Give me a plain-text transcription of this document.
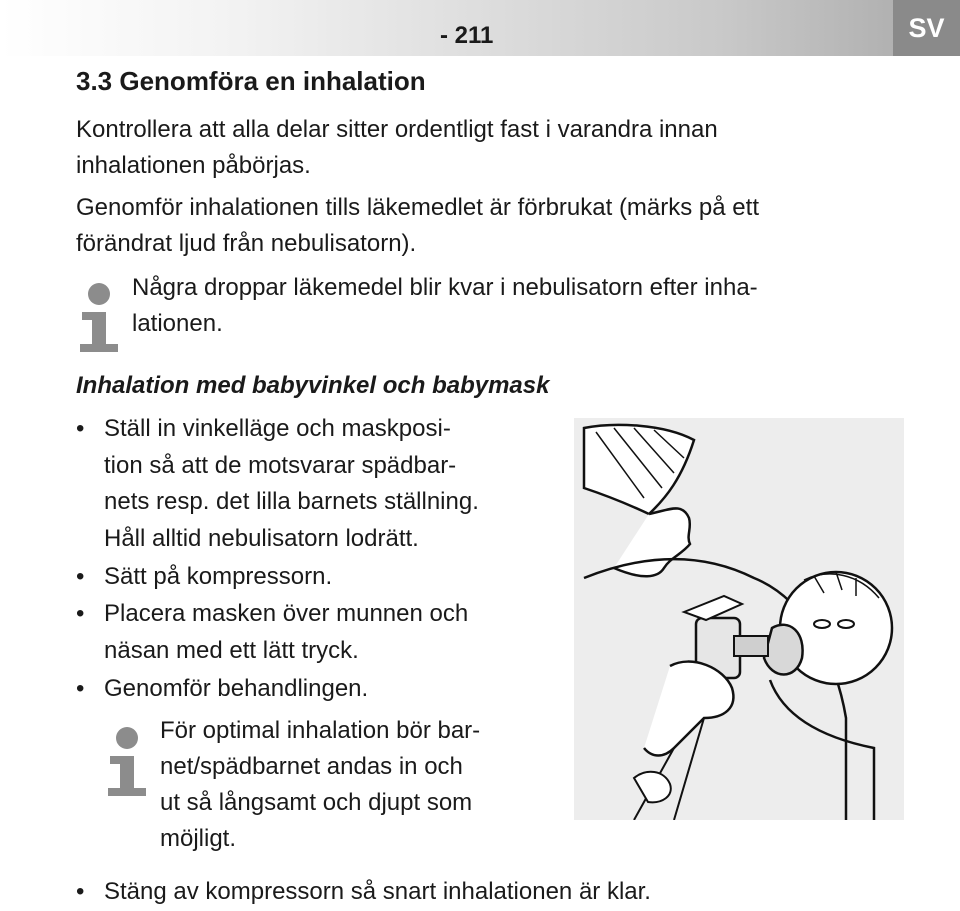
- 211	SV
3.3 Genomföra en inhalation

Kontrollera att alla delar sitter ordentligt fast i varandra innan
inhalationen påbörjas.

Genomför inhalationen tills läkemedlet är förbrukat (märks på ett
förändrat ljud från nebulisatorn).

Några droppar läkemedel blir kvar i nebulisatorn efter inha-
lationen.

Inhalation med babyvinkel och babymask
• Ställ in vinkelläge och maskposi-
tion så att de motsvarar spädbar-
nets resp. det lilla barnets ställning.
Håll alltid nebulisatorn lodrätt.
• Sätt på kompressorn.
• Placera masken över munnen och
näsan med ett lätt tryck.
• Genomför behandlingen.

För optimal inhalation bör bar-
net/spädbarnet andas in och
ut så långsamt och djupt som
möjligt.

• Stäng av kompressorn så snart inhalationen är klar.
